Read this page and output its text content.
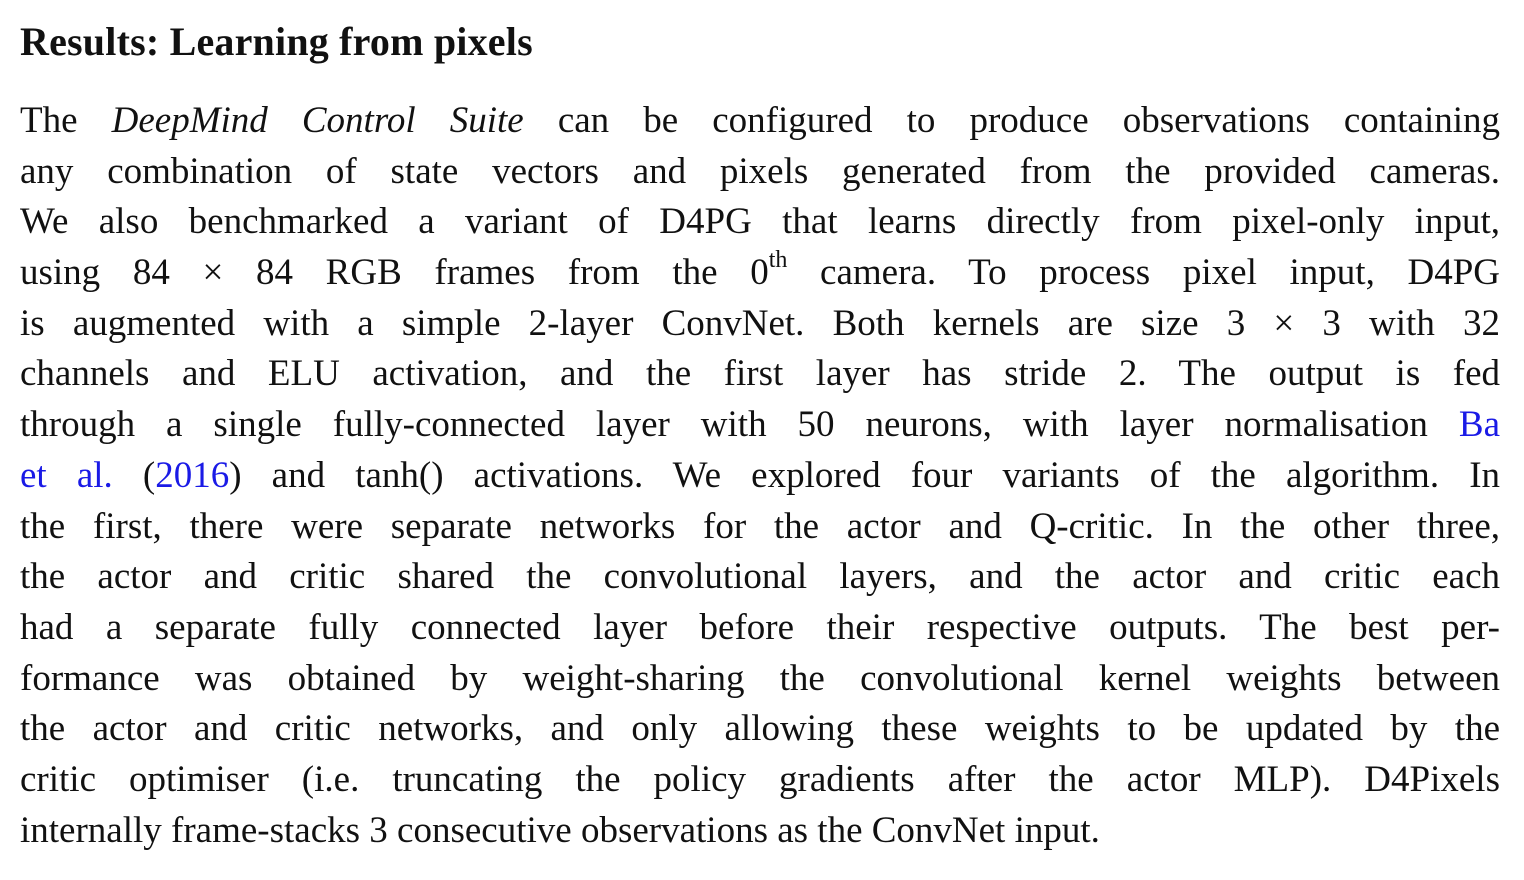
Results: Learning from pixels
The DeepMind Control Suite can be configured to produce observations containing
any combination of state vectors and pixels generated from the provided cameras.
We also benchmarked a variant of D4PG that learns directly from pixel-only input,
using 84 × 84 RGB frames from the 0th camera. To process pixel input, D4PG
is augmented with a simple 2-layer ConvNet. Both kernels are size 3 × 3 with 32
channels and ELU activation, and the first layer has stride 2. The output is fed
through a single fully-connected layer with 50 neurons, with layer normalisation Ba
et al. (2016) and tanh() activations. We explored four variants of the algorithm. In
the first, there were separate networks for the actor and Q-critic. In the other three,
the actor and critic shared the convolutional layers, and the actor and critic each
had a separate fully connected layer before their respective outputs. The best per-
formance was obtained by weight-sharing the convolutional kernel weights between
the actor and critic networks, and only allowing these weights to be updated by the
critic optimiser (i.e. truncating the policy gradients after the actor MLP). D4Pixels
internally frame-stacks 3 consecutive observations as the ConvNet input.
